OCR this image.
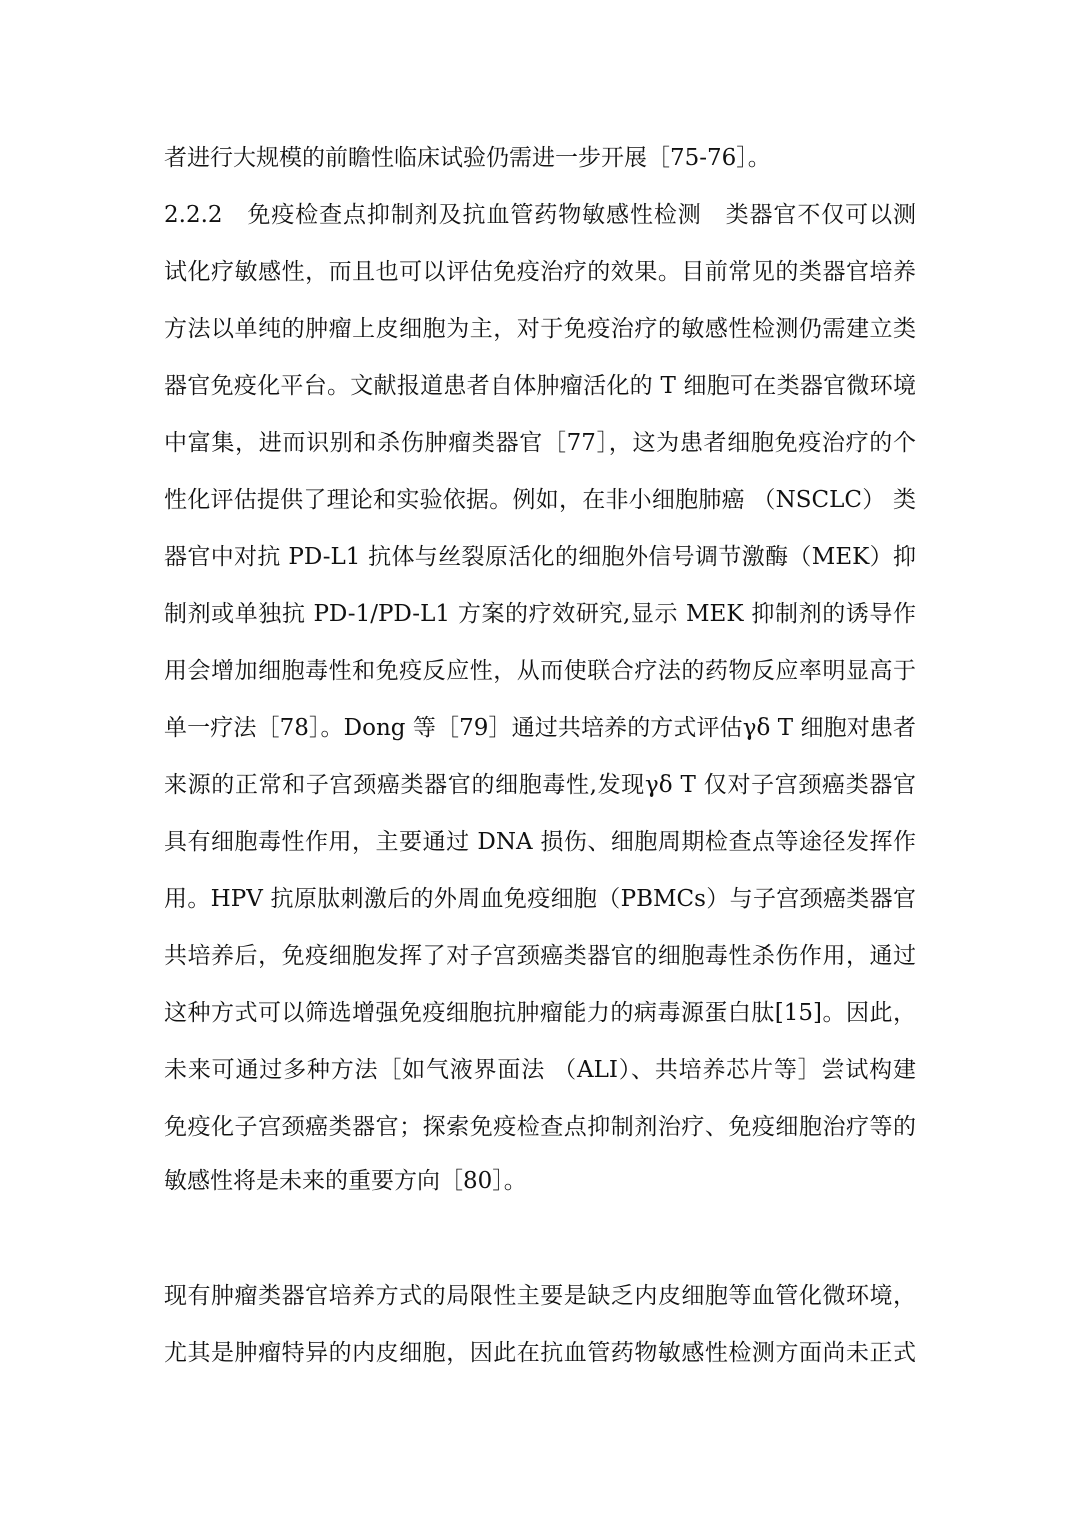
者进行大规模的前瞻性临床试验仍需进一步开展［75-76］。
2.2.2　免疫检查点抑制剂及抗血管药物敏感性检测　类器官不仅可以测
试化疗敏感性，而且也可以评估免疫治疗的效果。目前常见的类器官培养
方法以单纯的肿瘤上皮细胞为主，对于免疫治疗的敏感性检测仍需建立类
器官免疫化平台。文献报道患者自体肿瘤活化的 T 细胞可在类器官微环境
中富集，进而识别和杀伤肿瘤类器官［77］，这为患者细胞免疫治疗的个
性化评估提供了理论和实验依据。例如，在非小细胞肺癌 （NSCLC） 类
器官中对抗 PD-L1 抗体与丝裂原活化的细胞外信号调节激酶（MEK）抑
制剂或单独抗 PD-1/PD-L1 方案的疗效研究,显示 MEK 抑制剂的诱导作
用会增加细胞毒性和免疫反应性，从而使联合疗法的药物反应率明显高于
单一疗法［78］。Dong 等［79］通过共培养的方式评估γδ T 细胞对患者
来源的正常和子宫颈癌类器官的细胞毒性,发现γδ T 仅对子宫颈癌类器官
具有细胞毒性作用，主要通过 DNA 损伤、细胞周期检查点等途径发挥作
用。HPV 抗原肽刺激后的外周血免疫细胞（PBMCs）与子宫颈癌类器官
共培养后，免疫细胞发挥了对子宫颈癌类器官的细胞毒性杀伤作用，通过
这种方式可以筛选增强免疫细胞抗肿瘤能力的病毒源蛋白肽[15]。因此，
未来可通过多种方法［如气液界面法 （ALI）、共培养芯片等］尝试构建
免疫化子宫颈癌类器官；探索免疫检查点抑制剂治疗、免疫细胞治疗等的
敏感性将是未来的重要方向［80］。
现有肿瘤类器官培养方式的局限性主要是缺乏内皮细胞等血管化微环境，
尤其是肿瘤特异的内皮细胞，因此在抗血管药物敏感性检测方面尚未正式
